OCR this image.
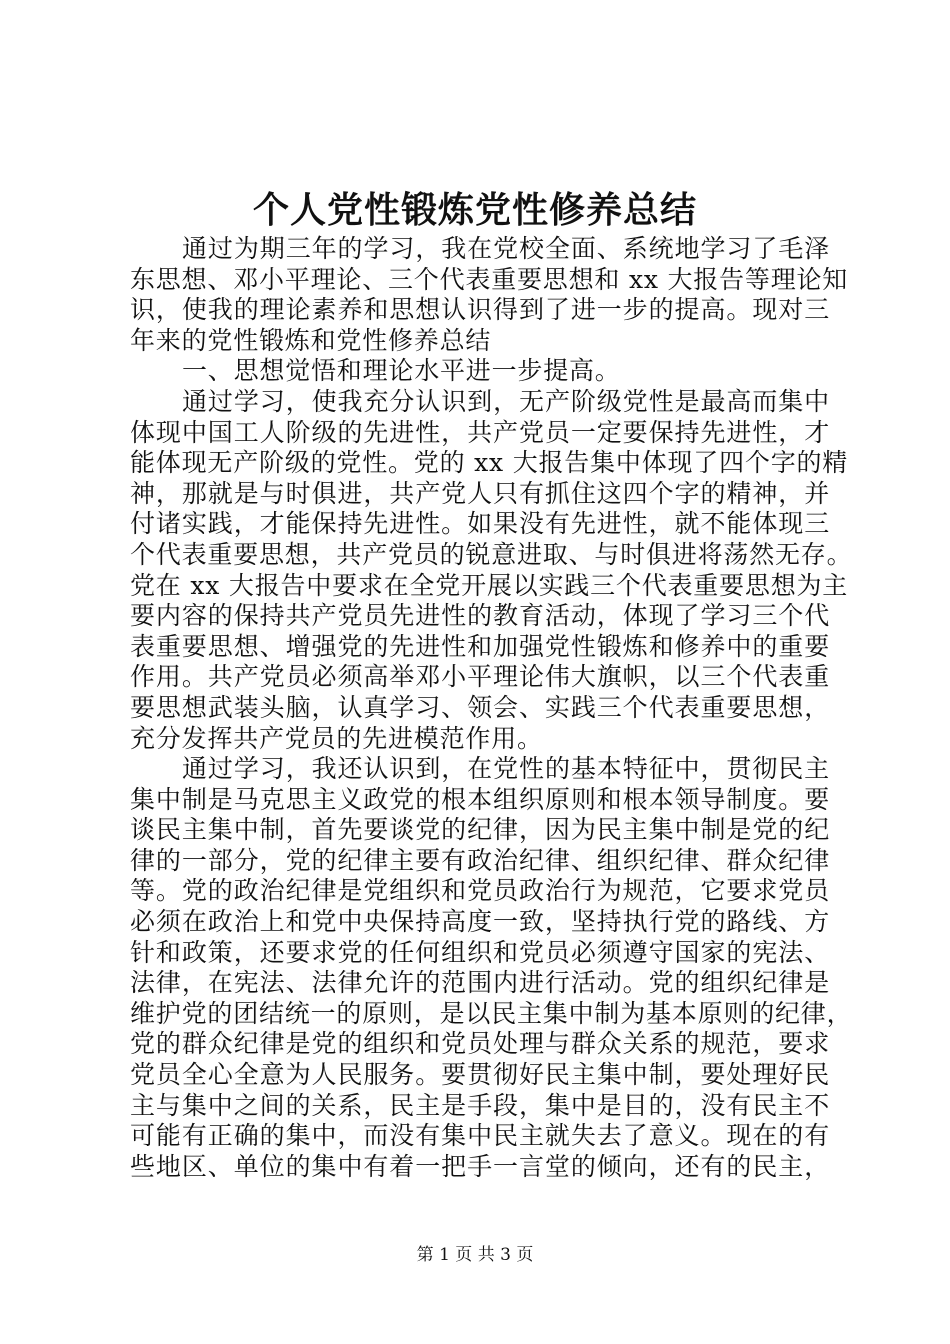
个人党性锻炼党性修养总结
通过为期三年的学习，我在党校全面、系统地学习了毛泽
东思想、邓小平理论、三个代表重要思想和 xx 大报告等理论知
识，使我的理论素养和思想认识得到了进一步的提高。现对三
年来的党性锻炼和党性修养总结
一、思想觉悟和理论水平进一步提高。
通过学习，使我充分认识到，无产阶级党性是最高而集中
体现中国工人阶级的先进性，共产党员一定要保持先进性，才
能体现无产阶级的党性。党的 xx 大报告集中体现了四个字的精
神，那就是与时俱进，共产党人只有抓住这四个字的精神，并
付诸实践，才能保持先进性。如果没有先进性，就不能体现三
个代表重要思想，共产党员的锐意进取、与时俱进将荡然无存。
党在 xx 大报告中要求在全党开展以实践三个代表重要思想为主
要内容的保持共产党员先进性的教育活动，体现了学习三个代
表重要思想、增强党的先进性和加强党性锻炼和修养中的重要
作用。共产党员必须高举邓小平理论伟大旗帜，以三个代表重
要思想武装头脑，认真学习、领会、实践三个代表重要思想，
充分发挥共产党员的先进模范作用。
通过学习，我还认识到，在党性的基本特征中，贯彻民主
集中制是马克思主义政党的根本组织原则和根本领导制度。要
谈民主集中制，首先要谈党的纪律，因为民主集中制是党的纪
律的一部分，党的纪律主要有政治纪律、组织纪律、群众纪律
等。党的政治纪律是党组织和党员政治行为规范，它要求党员
必须在政治上和党中央保持高度一致，坚持执行党的路线、方
针和政策，还要求党的任何组织和党员必须遵守国家的宪法、
法律，在宪法、法律允许的范围内进行活动。党的组织纪律是
维护党的团结统一的原则，是以民主集中制为基本原则的纪律，
党的群众纪律是党的组织和党员处理与群众关系的规范，要求
党员全心全意为人民服务。要贯彻好民主集中制，要处理好民
主与集中之间的关系，民主是手段，集中是目的，没有民主不
可能有正确的集中，而没有集中民主就失去了意义。现在的有
些地区、单位的集中有着一把手一言堂的倾向，还有的民主，
第 1 页 共 3 页
